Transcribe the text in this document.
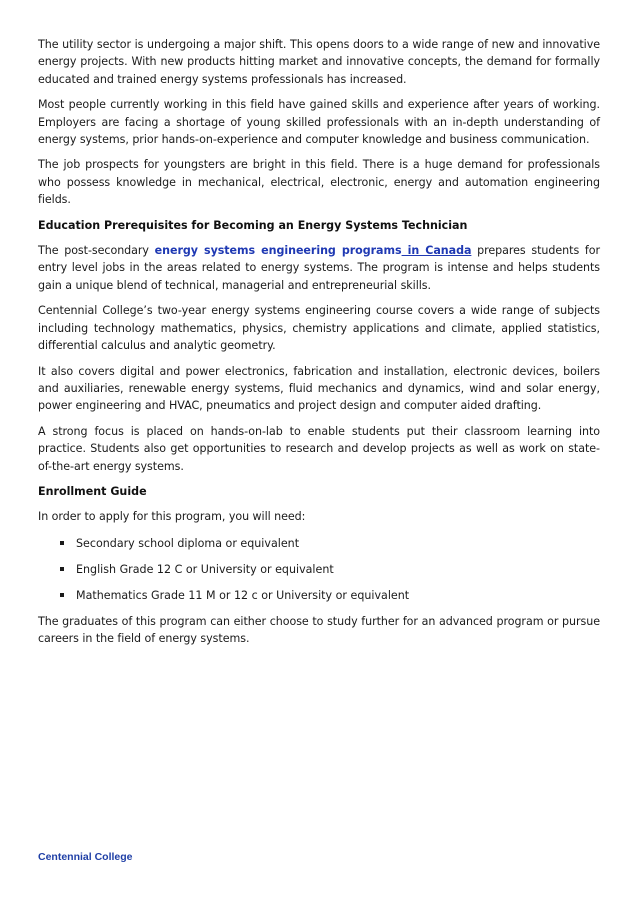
The utility sector is undergoing a major shift. This opens doors to a wide range of new and innovative energy projects. With new products hitting market and innovative concepts, the demand for formally educated and trained energy systems professionals has increased.

Most people currently working in this field have gained skills and experience after years of working. Employers are facing a shortage of young skilled professionals with an in-depth understanding of energy systems, prior hands-on-experience and computer knowledge and business communication.

The job prospects for youngsters are bright in this field. There is a huge demand for professionals who possess knowledge in mechanical, electrical, electronic, energy and automation engineering fields.

Education Prerequisites for Becoming an Energy Systems Technician

The post-secondary energy systems engineering programs in Canada prepares students for entry level jobs in the areas related to energy systems. The program is intense and helps students gain a unique blend of technical, managerial and entrepreneurial skills.

Centennial College’s two-year energy systems engineering course covers a wide range of subjects including technology mathematics, physics, chemistry applications and climate, applied statistics, differential calculus and analytic geometry.

It also covers digital and power electronics, fabrication and installation, electronic devices, boilers and auxiliaries, renewable energy systems, fluid mechanics and dynamics, wind and solar energy, power engineering and HVAC, pneumatics and project design and computer aided drafting.

A strong focus is placed on hands-on-lab to enable students put their classroom learning into practice. Students also get opportunities to research and develop projects as well as work on state-of-the-art energy systems.

Enrollment Guide

In order to apply for this program, you will need:

Secondary school diploma or equivalent
English Grade 12 C or University or equivalent
Mathematics Grade 11 M or 12 c or University or equivalent

The graduates of this program can either choose to study further for an advanced program or pursue careers in the field of energy systems.

Centennial College
